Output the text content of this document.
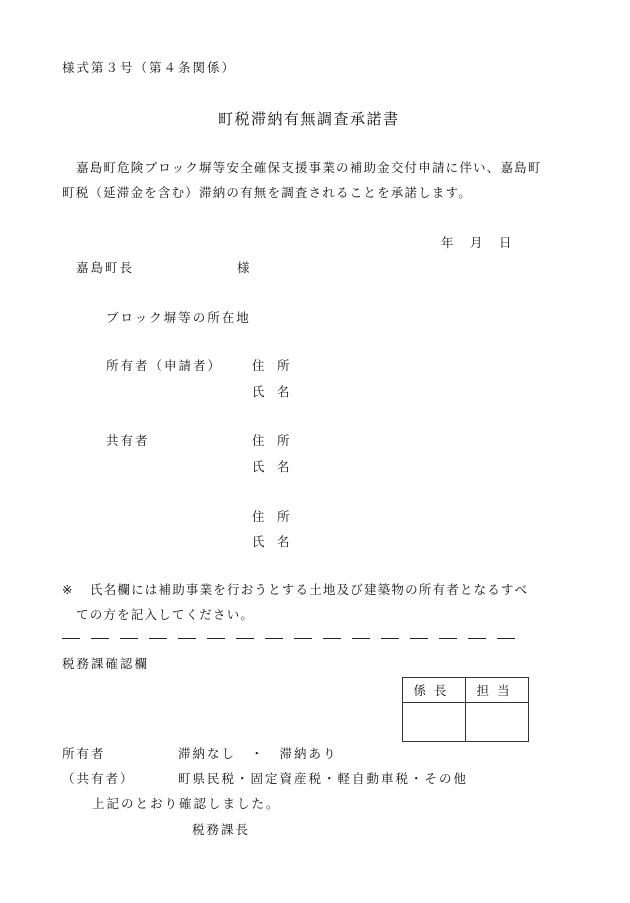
様式第３号（第４条関係）
町税滞納有無調査承諾書
嘉島町危険ブロック塀等安全確保支援事業の補助金交付申請に伴い、嘉島町
町税（延滞金を含む）滞納の有無を調査されることを承諾します。
年 月 日
嘉島町長	様
ブロック塀等の所在地
所有者（申請者） 住　所
氏　名
共有者	住　所
氏　名
住　所
氏　名
※ 氏名欄には補助事業を行おうとする土地及び建築物の所有者となるすべ
ての方を記入してください。
税務課確認欄
係長	担当

所有者	滞納なし　・　滞納あり
（共有者）	町県民税・固定資産税・軽自動車税・その他
上記のとおり確認しました。
税務課長
